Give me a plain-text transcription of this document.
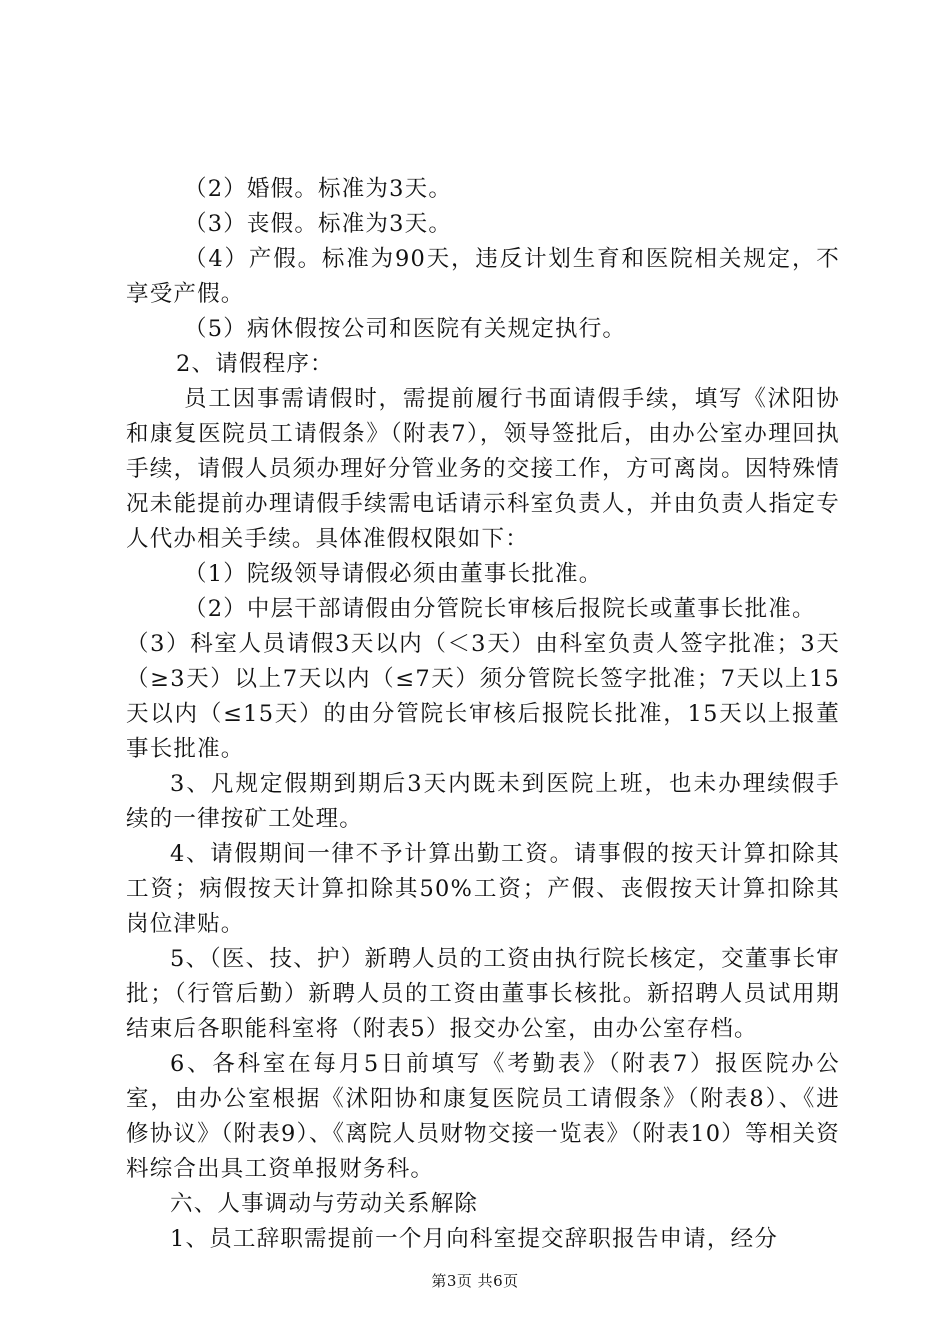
（2）婚假。标准为3天。

（3）丧假。标准为3天。

（4）产假。标准为90天，违反计划生育和医院相关规定，不享受产假。

（5）病休假按公司和医院有关规定执行。

2、请假程序：

员工因事需请假时，需提前履行书面请假手续，填写《沭阳协和康复医院员工请假条》（附表7），领导签批后，由办公室办理回执手续，请假人员须办理好分管业务的交接工作，方可离岗。因特殊情况未能提前办理请假手续需电话请示科室负责人，并由负责人指定专人代办相关手续。具体准假权限如下：

（1）院级领导请假必须由董事长批准。

（2）中层干部请假由分管院长审核后报院长或董事长批准。

（3）科室人员请假3天以内（＜3天）由科室负责人签字批准；3天（≥3天）以上7天以内（≤7天）须分管院长签字批准；7天以上15天以内（≤15天）的由分管院长审核后报院长批准，15天以上报董事长批准。

3、凡规定假期到期后3天内既未到医院上班，也未办理续假手续的一律按矿工处理。

4、请假期间一律不予计算出勤工资。请事假的按天计算扣除其工资；病假按天计算扣除其50%工资；产假、丧假按天计算扣除其岗位津贴。

5、（医、技、护）新聘人员的工资由执行院长核定，交董事长审批；（行管后勤）新聘人员的工资由董事长核批。新招聘人员试用期结束后各职能科室将（附表5）报交办公室，由办公室存档。

6、各科室在每月5日前填写《考勤表》（附表7）报医院办公室，由办公室根据《沭阳协和康复医院员工请假条》（附表8）、《进修协议》（附表9）、《离院人员财物交接一览表》（附表10）等相关资料综合出具工资单报财务科。

六、人事调动与劳动关系解除

1、员工辞职需提前一个月向科室提交辞职报告申请，经分

第3页 共6页
